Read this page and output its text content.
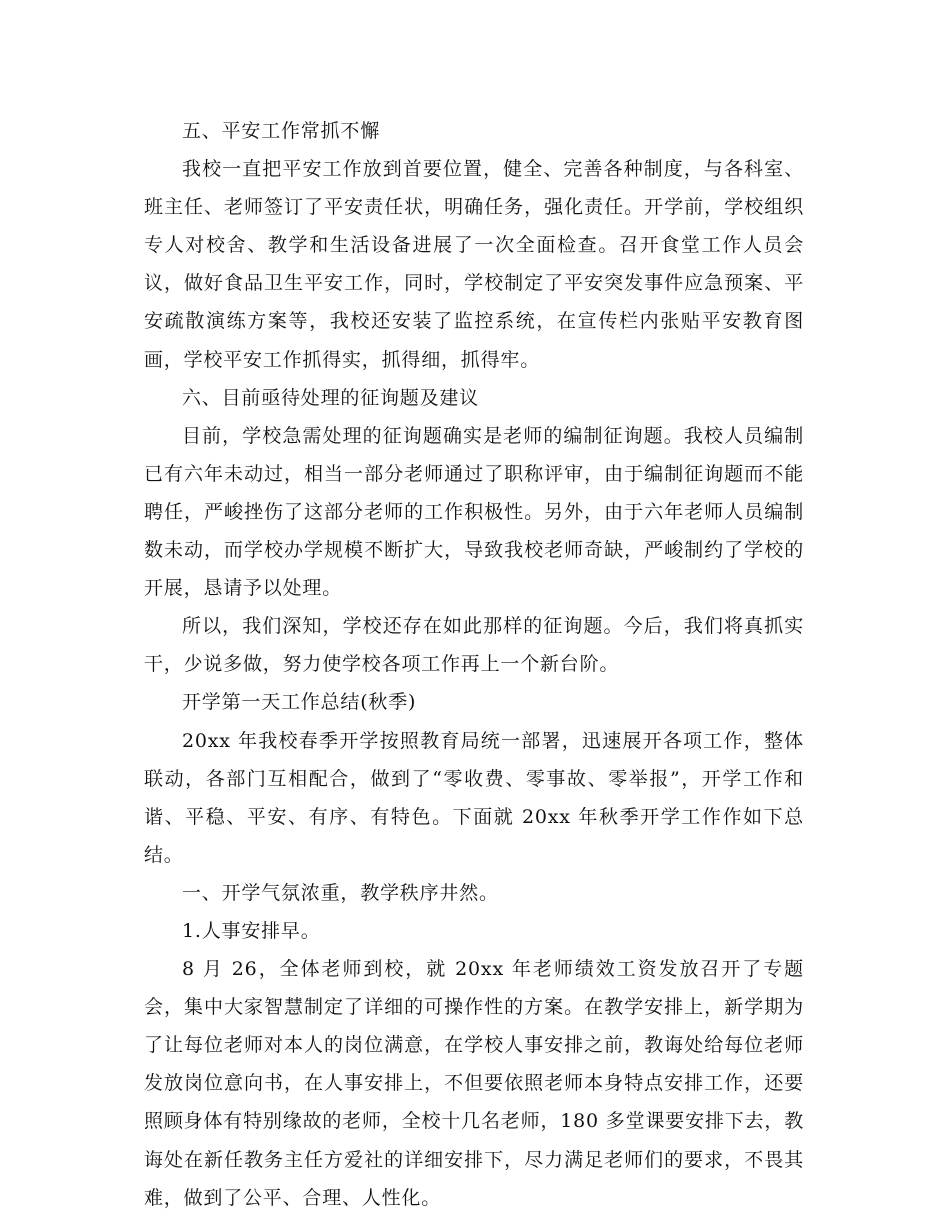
五、平安工作常抓不懈

我校一直把平安工作放到首要位置，健全、完善各种制度，与各科室、班主任、老师签订了平安责任状，明确任务，强化责任。开学前，学校组织专人对校舍、教学和生活设备进展了一次全面检查。召开食堂工作人员会议，做好食品卫生平安工作，同时，学校制定了平安突发事件应急预案、平安疏散演练方案等，我校还安装了监控系统，在宣传栏内张贴平安教育图画，学校平安工作抓得实，抓得细，抓得牢。

六、目前亟待处理的征询题及建议

目前，学校急需处理的征询题确实是老师的编制征询题。我校人员编制已有六年未动过，相当一部分老师通过了职称评审，由于编制征询题而不能聘任，严峻挫伤了这部分老师的工作积极性。另外，由于六年老师人员编制数未动，而学校办学规模不断扩大，导致我校老师奇缺，严峻制约了学校的开展，恳请予以处理。

所以，我们深知，学校还存在如此那样的征询题。今后，我们将真抓实干，少说多做，努力使学校各项工作再上一个新台阶。

开学第一天工作总结(秋季)

20xx 年我校春季开学按照教育局统一部署，迅速展开各项工作，整体联动，各部门互相配合，做到了“零收费、零事故、零举报”，开学工作和谐、平稳、平安、有序、有特色。下面就 20xx 年秋季开学工作作如下总结。

一、开学气氛浓重，教学秩序井然。

1.人事安排早。

8 月 26，全体老师到校，就 20xx 年老师绩效工资发放召开了专题会，集中大家智慧制定了详细的可操作性的方案。在教学安排上，新学期为了让每位老师对本人的岗位满意，在学校人事安排之前，教诲处给每位老师发放岗位意向书，在人事安排上，不但要依照老师本身特点安排工作，还要照顾身体有特别缘故的老师，全校十几名老师，180 多堂课要安排下去，教诲处在新任教务主任方爱社的详细安排下，尽力满足老师们的要求，不畏其难，做到了公平、合理、人性化。
